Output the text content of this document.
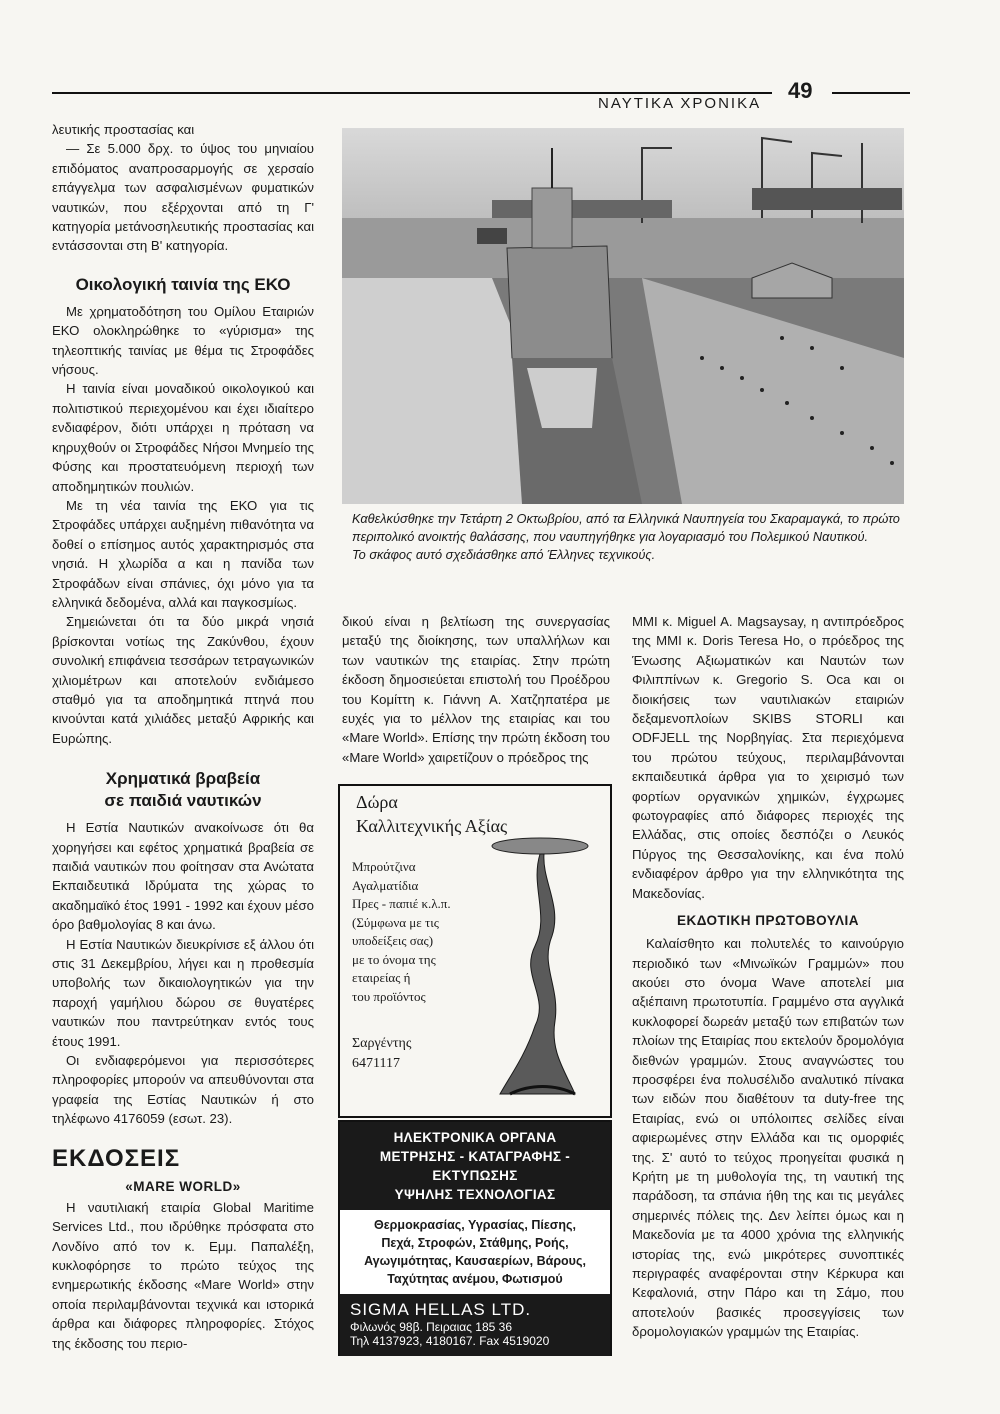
ΝΑΥΤΙΚΑ ΧΡΟΝΙΚΑ
49

λευτικής προστασίας και

— Σε 5.000 δρχ. το ύψος του μηνιαίου επιδόματος αναπροσαρμογής σε χερσαίο επάγγελμα των ασφαλισμένων φυματικών ναυτικών, που εξέρχονται από τη Γ' κατηγορία μετάνοσηλευτικής προστασίας και εντάσσονται στη Β' κατηγορία.

Οικολογική ταινία της ΕΚΟ

Με χρηματοδότηση του Ομίλου Εταιριών ΕΚΟ ολοκληρώθηκε το «γύρισμα» της τηλεοπτικής ταινίας με θέμα τις Στροφάδες νήσους.

Η ταινία είναι μοναδικού οικολογικού και πολιτιστικού περιεχομένου και έχει ιδιαίτερο ενδιαφέρον, διότι υπάρχει η πρόταση να κηρυχθούν οι Στροφάδες Νήσοι Μνημείο της Φύσης και προστατευόμενη περιοχή των αποδημητικών πουλιών.

Με τη νέα ταινία της ΕΚΟ για τις Στροφάδες υπάρχει αυξημένη πιθανότητα να δοθεί ο επίσημος αυτός χαρακτηρισμός στα νησιά. Η χλωρίδα α και η πανίδα των Στροφάδων είναι σπάνιες, όχι μόνο για τα ελληνικά δεδομένα, αλλά και παγκοσμίως.

Σημειώνεται ότι τα δύο μικρά νησιά βρίσκονται νοτίως της Ζακύνθου, έχουν συνολική επιφάνεια τεσσάρων τετραγωνικών χιλιομέτρων και αποτελούν ενδιάμεσο σταθμό για τα αποδημητικά πτηνά που κινούνται κατά χιλιάδες μεταξύ Αφρικής και Ευρώπης.

Χρηματικά βραβεία
σε παιδιά ναυτικών

Η Εστία Ναυτικών ανακοίνωσε ότι θα χορηγήσει και εφέτος χρηματικά βραβεία σε παιδιά ναυτικών που φοίτησαν στα Ανώτατα Εκπαιδευτικά Ιδρύματα της χώρας το ακαδημαϊκό έτος 1991 - 1992 και έχουν μέσο όρο βαθμολογίας 8 και άνω.

Η Εστία Ναυτικών διευκρίνισε εξ άλλου ότι στις 31 Δεκεμβρίου, λήγει και η προθεσμία υποβολής των δικαιολογητικών για την παροχή γαμήλιου δώρου σε θυγατέρες ναυτικών που παντρεύτηκαν εντός τους έτους 1991.

Οι ενδιαφερόμενοι για περισσότερες πληροφορίες μπορούν να απευθύνονται στα γραφεία της Εστίας Ναυτικών ή στο τηλέφωνο 4176059 (εσωτ. 23).

ΕΚΔΟΣΕΙΣ
«MARE WORLD»

Η ναυτιλιακή εταιρία Global Maritime Services Ltd., που ιδρύθηκε πρόσφατα στο Λονδίνο από τον κ. Εμμ. Παπαλέξη, κυκλοφόρησε το πρώτο τεύχος της ενημερωτικής έκδοσης «Mare World» στην οποία περιλαμβάνονται τεχνικά και ιστορικά άρθρα και διάφορες πληροφορίες. Στόχος της έκδοσης του περιο-

Καθελκύσθηκε την Τετάρτη 2 Οκτωβρίου, από τα Ελληνικά Ναυπηγεία του Σκαραμαγκά, το πρώτο περιπολικό ανοικτής θαλάσσης, που ναυπηγήθηκε για λογαριασμό του Πολεμικού Ναυτικού.
Το σκάφος αυτό σχεδιάσθηκε από Έλληνες τεχνικούς.

δικού είναι η βελτίωση της συνεργασίας μεταξύ της διοίκησης, των υπαλλήλων και των ναυτικών της εταιρίας. Στην πρώτη έκδοση δημοσιεύεται επιστολή του Προέδρου του Κομίττη κ. Γιάννη Α. Χατζηπατέρα με ευχές για το μέλλον της εταιρίας και του «Mare World». Επίσης την πρώτη έκδοση του «Mare World» χαιρετίζουν ο πρόεδρος της

Δώρα
Καλλιτεχνικής Αξίας
Μπρούτζινα
Αγαλματίδια
Πρες - παπιέ κ.λ.π.
(Σύμφωνα με τις
υποδείξεις σας)
με το όνομα της
εταιρείας ή
του προϊόντος
Σαργέντης
6471117
ΗΛΕΚΤΡΟΝΙΚΑ ΟΡΓΑΝΑ
ΜΕΤΡΗΣΗΣ - ΚΑΤΑΓΡΑΦΗΣ - ΕΚΤΥΠΩΣΗΣ
ΥΨΗΛΗΣ ΤΕΧΝΟΛΟΓΙΑΣ
Θερμοκρασίας, Υγρασίας, Πίεσης,
Πεχά, Στροφών, Στάθμης, Ροής,
Αγωγιμότητας, Καυσαερίων, Βάρους,
Ταχύτητας ανέμου, Φωτισμού
SIGMA HELLAS LTD.
Φιλωνός 98β. Πειραιας 185 36
Τηλ 4137923, 4180167. Fax 4519020

ΜΜΙ κ. Miguel A. Magsaysay, η αντιπρόεδρος της ΜΜΙ κ. Doris Teresa Ho, ο πρόεδρος της Ένωσης Αξιωματικών και Ναυτών των Φιλιππίνων κ. Gregorio S. Oca και οι διοικήσεις των ναυτιλιακών εταιριών δεξαμενοπλοίων SKIBS STORLI και ODFJELL της Νορβηγίας. Στα περιεχόμενα του πρώτου τεύχους, περιλαμβάνονται εκπαιδευτικά άρθρα για το χειρισμό των φορτίων οργανικών χημικών, έγχρωμες φωτογραφίες από διάφορες περιοχές της Ελλάδας, στις οποίες δεσπόζει ο Λευκός Πύργος της Θεσσαλονίκης, και ένα πολύ ενδιαφέρον άρθρο για την ελληνικότητα της Μακεδονίας.

ΕΚΔΟΤΙΚΗ ΠΡΩΤΟΒΟΥΛΙΑ

Καλαίσθητο και πολυτελές το καινούργιο περιοδικό των «Μινωϊκών Γραμμών» που ακούει στο όνομα Wave αποτελεί μια αξιέπαινη πρωτοτυπία. Γραμμένο στα αγγλικά κυκλοφορεί δωρεάν μεταξύ των επιβατών των πλοίων της Εταιρίας που εκτελούν δρομολόγια διεθνών γραμμών. Στους αναγνώστες του προσφέρει ένα πολυσέλιδο αναλυτικό πίνακα των ειδών που διαθέτουν τα duty-free της Εταιρίας, ενώ οι υπόλοιπες σελίδες είναι αφιερωμένες στην Ελλάδα και τις ομορφιές της. Σ' αυτό το τεύχος προηγείται φυσικά η Κρήτη με τη μυθολογία της, τη ναυτική της παράδοση, τα σπάνια ήθη της και τις μεγάλες σημερινές πόλεις της. Δεν λείπει όμως και η Μακεδονία με τα 4000 χρόνια της ελληνικής ιστορίας της, ενώ μικρότερες συνοπτικές περιγραφές αναφέρονται στην Κέρκυρα και Κεφαλονιά, στην Πάρο και τη Σάμο, που αποτελούν βασικές προσεγγίσεις των δρομολογιακών γραμμών της Εταιρίας.
